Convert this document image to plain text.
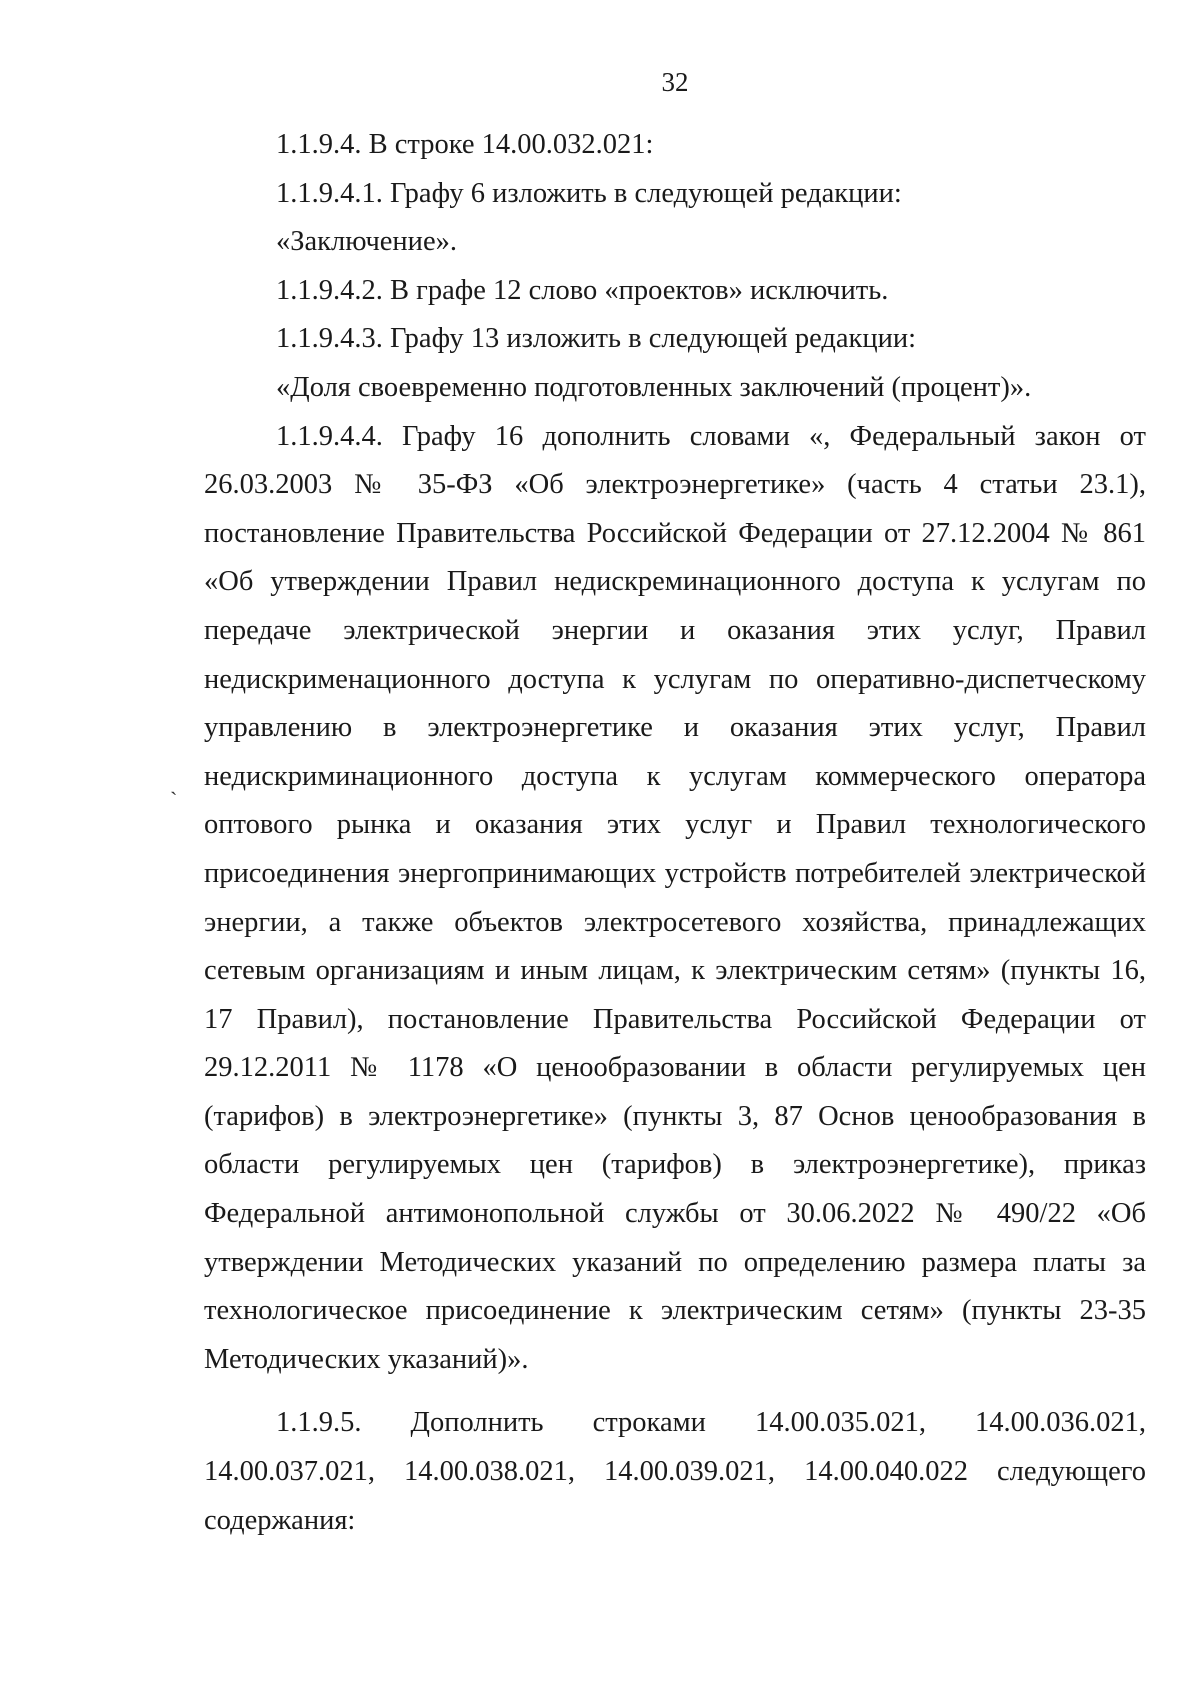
32
ˏ

1.1.9.4. В строке 14.00.032.021:

1.1.9.4.1. Графу 6 изложить в следующей редакции:

«Заключение».

1.1.9.4.2. В графе 12 слово «проектов» исключить.

1.1.9.4.3. Графу 13 изложить в следующей редакции:

«Доля своевременно подготовленных заключений (процент)».

1.1.9.4.4. Графу 16 дополнить словами «, Федеральный закон от 26.03.2003 № 35-ФЗ «Об электроэнергетике» (часть 4 статьи 23.1), постановление Правительства Российской Федерации от 27.12.2004 № 861 «Об утверждении Правил недискреминационного доступа к услугам по передаче электрической энергии и оказания этих услуг, Правил недискрименационного доступа к услугам по оперативно-диспетческому управлению в электроэнергетике и оказания этих услуг, Правил недискриминационного доступа к услугам коммерческого оператора оптового рынка и оказания этих услуг и Правил технологического присоединения энергопринимающих устройств потребителей электрической энергии, а также объектов электросетевого хозяйства, принадлежащих сетевым организациям и иным лицам, к электрическим сетям» (пункты 16, 17 Правил), постановление Правительства Российской Федерации от 29.12.2011 № 1178 «О ценообразовании в области регулируемых цен (тарифов) в электроэнергетике» (пункты 3, 87 Основ ценообразования в области регулируемых цен (тарифов) в электроэнергетике), приказ Федеральной антимонопольной службы от 30.06.2022 № 490/22 «Об утверждении Методических указаний по определению размера платы за технологическое присоединение к электрическим сетям» (пункты 23-35 Методических указаний)».

1.1.9.5. Дополнить строками 14.00.035.021, 14.00.036.021, 14.00.037.021, 14.00.038.021, 14.00.039.021, 14.00.040.022 следующего содержания:
